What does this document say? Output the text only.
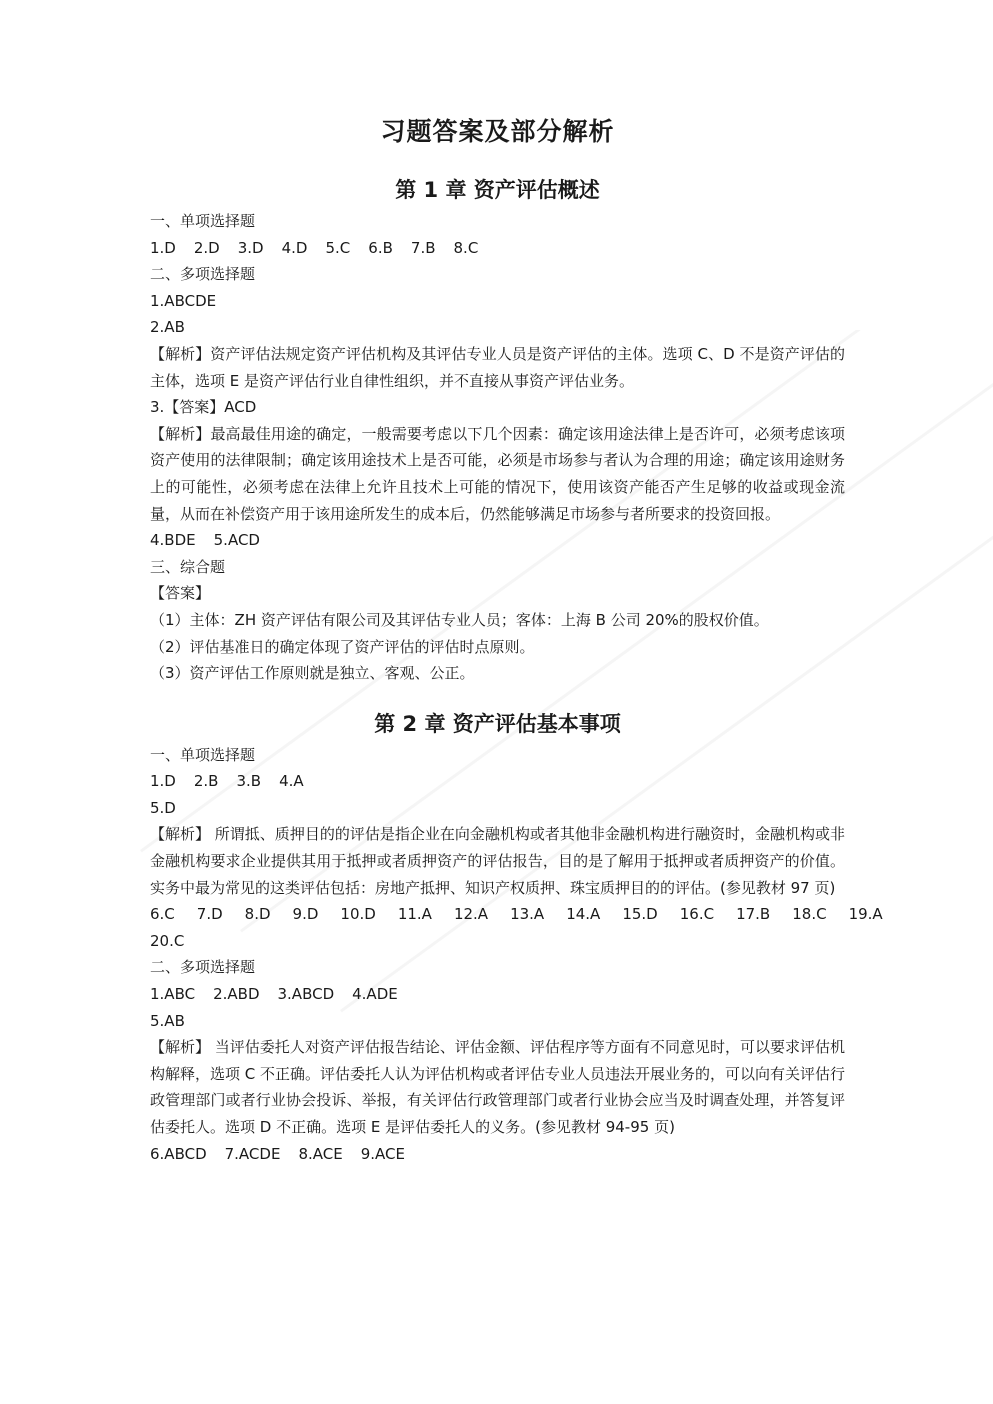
习题答案及部分解析
第 1 章 资产评估概述

一、单项选择题

1.D 2.D 3.D 4.D 5.C 6.B 7.B 8.C

二、多项选择题

1.ABCDE

2.AB

【解析】资产评估法规定资产评估机构及其评估专业人员是资产评估的主体。选项 C、D 不是资产评估的主体，选项 E 是资产评估行业自律性组织，并不直接从事资产评估业务。

3.【答案】ACD

【解析】最高最佳用途的确定，一般需要考虑以下几个因素：确定该用途法律上是否许可，必须考虑该项资产使用的法律限制；确定该用途技术上是否可能，必须是市场参与者认为合理的用途；确定该用途财务上的可能性，必须考虑在法律上允许且技术上可能的情况下，使用该资产能否产生足够的收益或现金流量，从而在补偿资产用于该用途所发生的成本后，仍然能够满足市场参与者所要求的投资回报。

4.BDE 5.ACD

三、综合题

【答案】

（1）主体：ZH 资产评估有限公司及其评估专业人员；客体：上海 B 公司 20%的股权价值。

（2）评估基准日的确定体现了资产评估的评估时点原则。

（3）资产评估工作原则就是独立、客观、公正。

第 2 章 资产评估基本事项

一、单项选择题

1.D 2.B 3.B 4.A

5.D

【解析】 所谓抵、质押目的的评估是指企业在向金融机构或者其他非金融机构进行融资时，金融机构或非金融机构要求企业提供其用于抵押或者质押资产的评估报告，目的是了解用于抵押或者质押资产的价值。实务中最为常见的这类评估包括：房地产抵押、知识产权质押、珠宝质押目的的评估。(参见教材 97 页)

6.C 7.D 8.D 9.D 10.D 11.A 12.A 13.A 14.A 15.D 16.C 17.B 18.C 19.A

20.C

二、多项选择题

1.ABC 2.ABD 3.ABCD 4.ADE

5.AB

【解析】 当评估委托人对资产评估报告结论、评估金额、评估程序等方面有不同意见时，可以要求评估机构解释，选项 C 不正确。评估委托人认为评估机构或者评估专业人员违法开展业务的，可以向有关评估行政管理部门或者行业协会投诉、举报，有关评估行政管理部门或者行业协会应当及时调查处理，并答复评估委托人。选项 D 不正确。选项 E 是评估委托人的义务。(参见教材 94-95 页)

6.ABCD 7.ACDE 8.ACE 9.ACE
